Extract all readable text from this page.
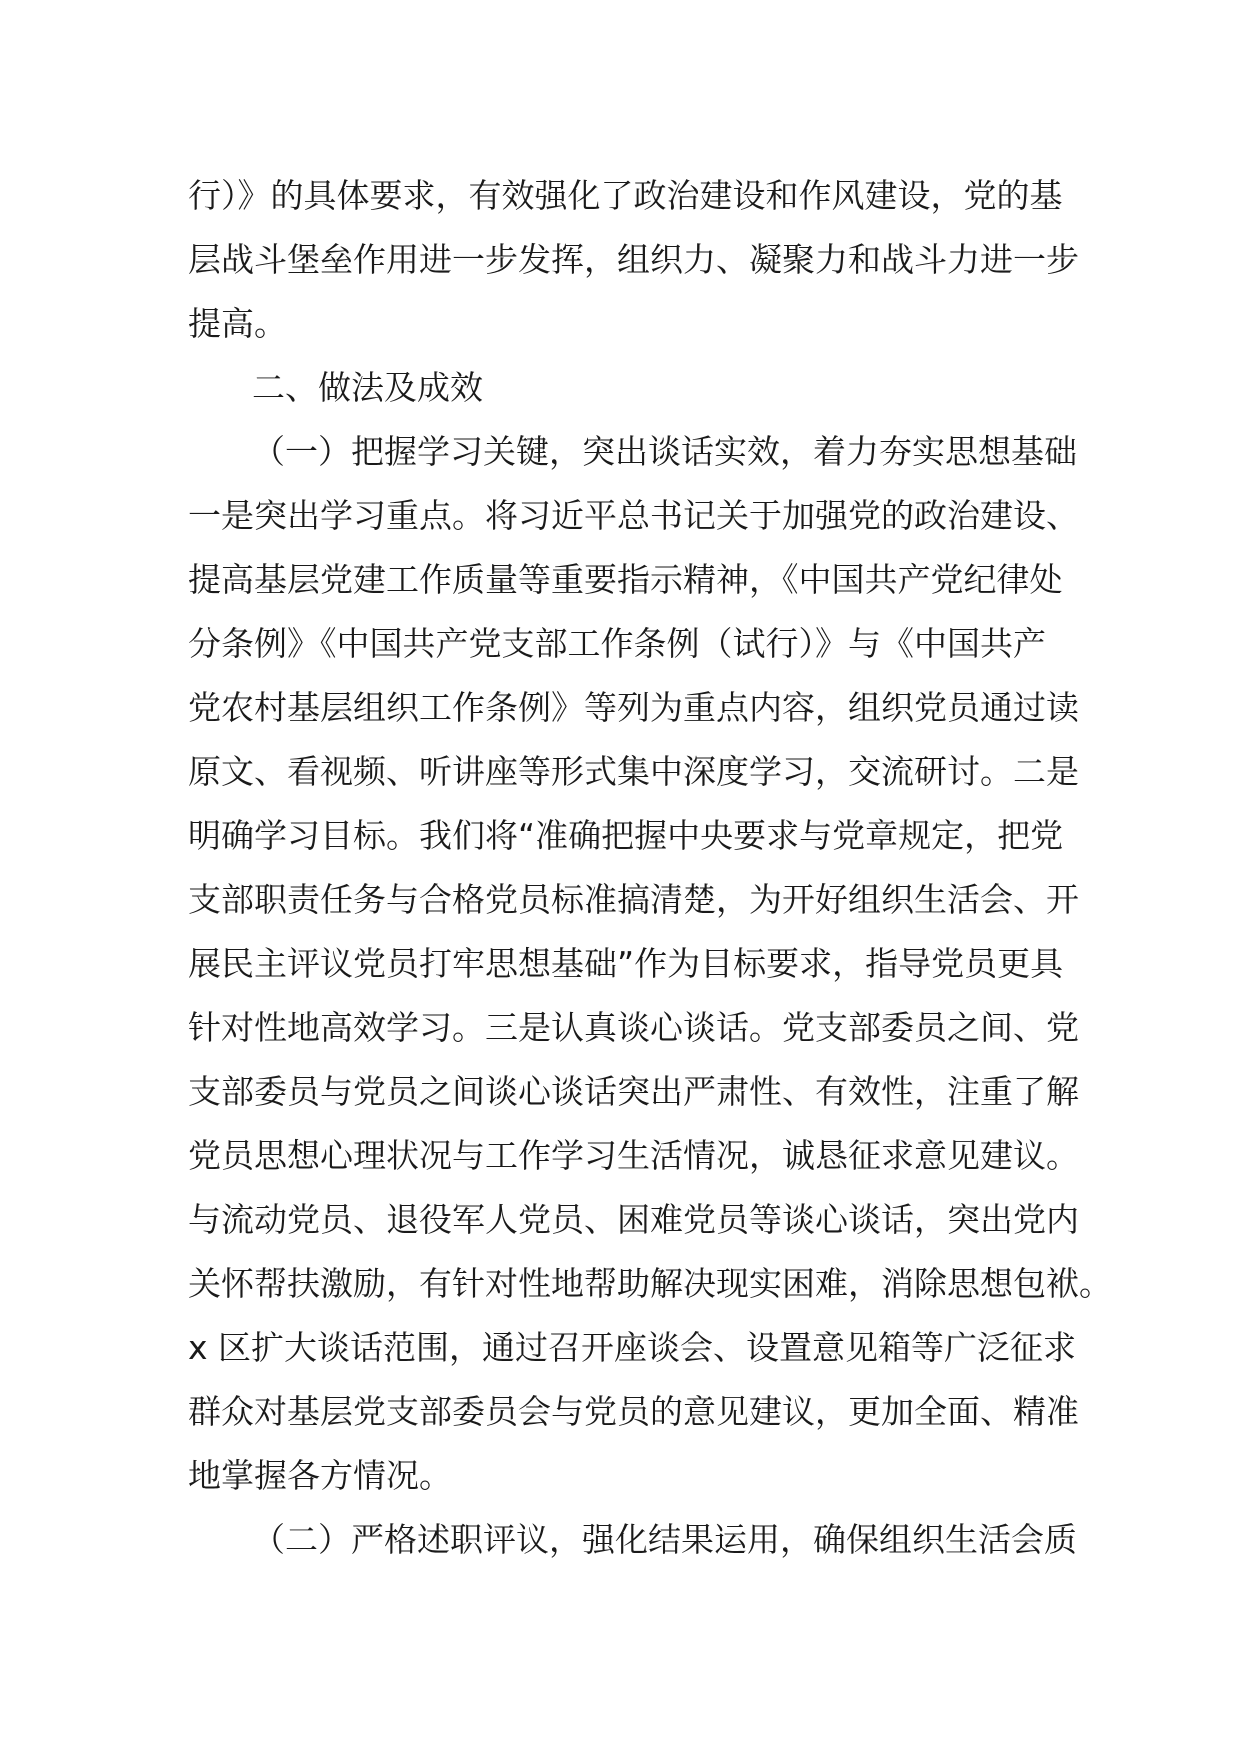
行）》的具体要求，有效强化了政治建设和作风建设，党的基
层战斗堡垒作用进一步发挥，组织力、凝聚力和战斗力进一步
提高。
二、做法及成效
（一）把握学习关键，突出谈话实效，着力夯实思想基础
一是突出学习重点。将习近平总书记关于加强党的政治建设、
提高基层党建工作质量等重要指示精神，《中国共产党纪律处
分条例》《中国共产党支部工作条例（试行）》与《中国共产
党农村基层组织工作条例》等列为重点内容，组织党员通过读
原文、看视频、听讲座等形式集中深度学习，交流研讨。二是
明确学习目标。我们将“准确把握中央要求与党章规定，把党
支部职责任务与合格党员标准搞清楚，为开好组织生活会、开
展民主评议党员打牢思想基础”作为目标要求，指导党员更具
针对性地高效学习。三是认真谈心谈话。党支部委员之间、党
支部委员与党员之间谈心谈话突出严肃性、有效性，注重了解
党员思想心理状况与工作学习生活情况，诚恳征求意见建议。
与流动党员、退役军人党员、困难党员等谈心谈话，突出党内
关怀帮扶激励，有针对性地帮助解决现实困难，消除思想包袱。
x 区扩大谈话范围，通过召开座谈会、设置意见箱等广泛征求
群众对基层党支部委员会与党员的意见建议，更加全面、精准
地掌握各方情况。
（二）严格述职评议，强化结果运用，确保组织生活会质
